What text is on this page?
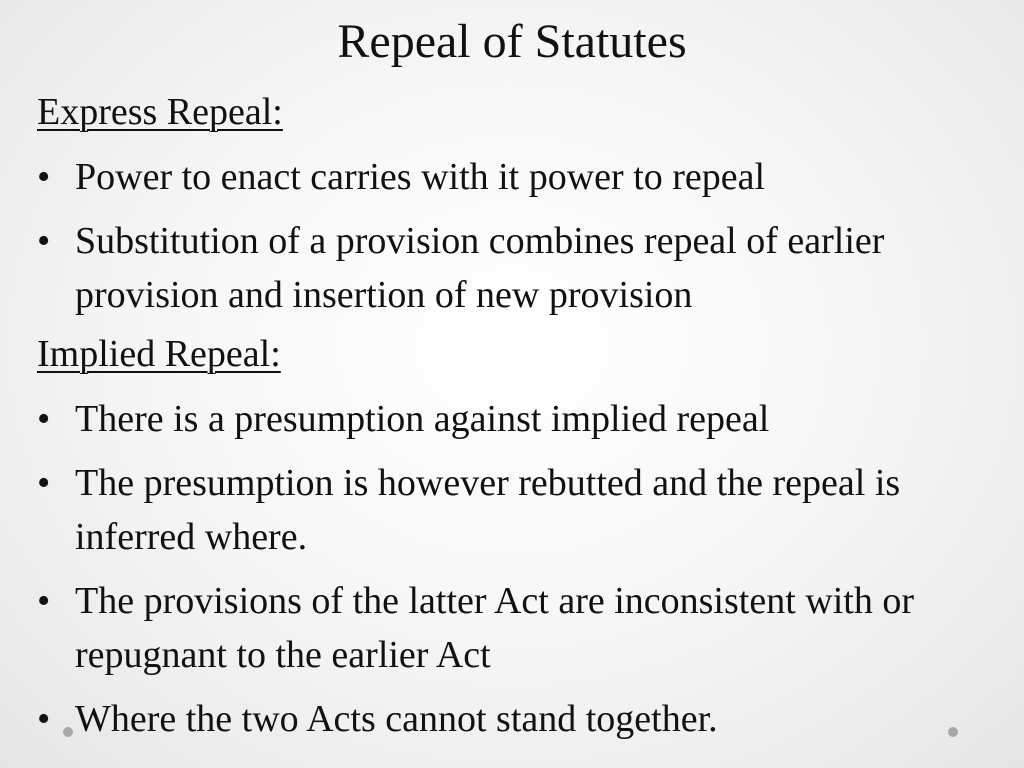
Repeal of Statutes
Express Repeal:
• Power to enact carries with it power to repeal
• Substitution of a provision combines repeal of earlier provision and insertion of new provision
Implied Repeal:
• There is a presumption against implied repeal
• The presumption is however rebutted and the repeal is inferred where.
• The provisions of the latter Act are inconsistent with or repugnant to the earlier Act
• Where the two Acts cannot stand together.
